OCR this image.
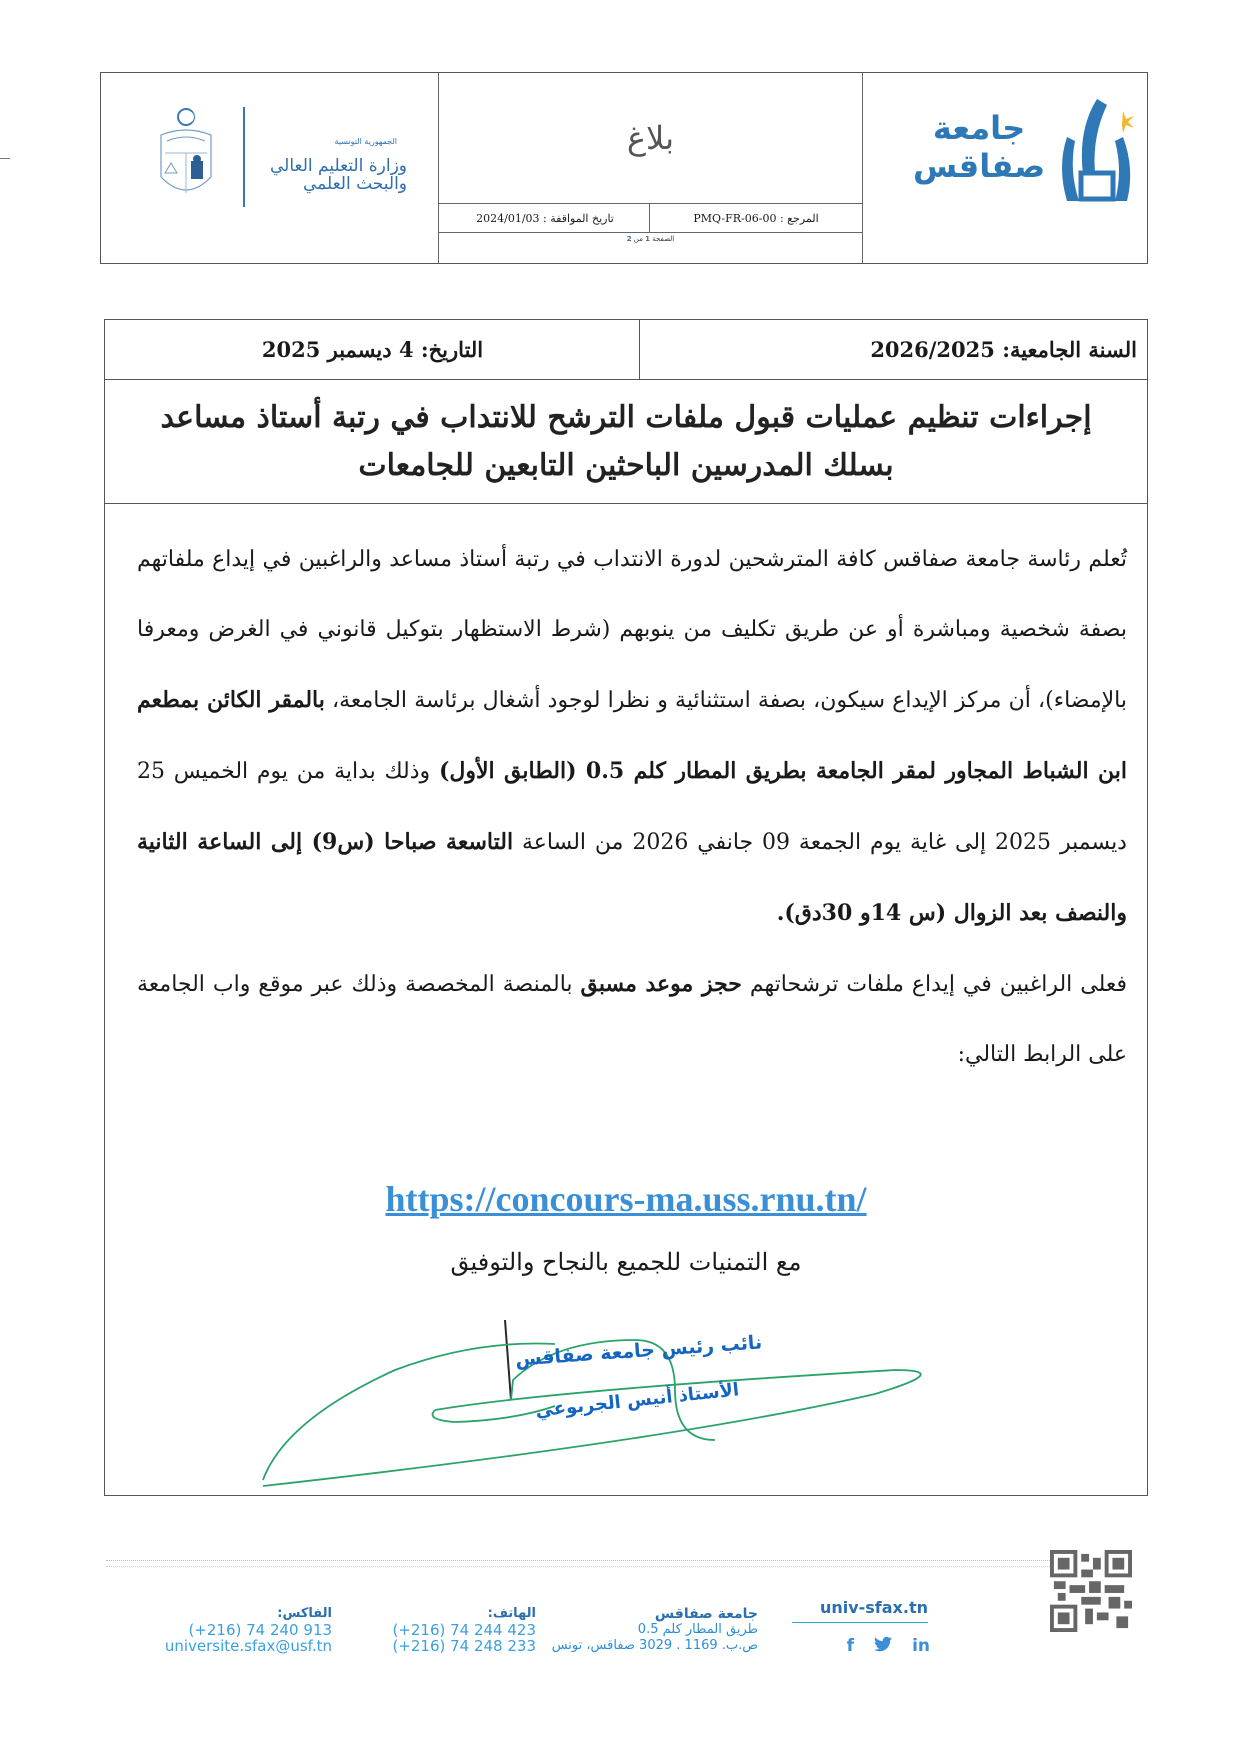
الجمهورية التونسية
وزارة التعليم العالي
والبحث العلمي
بلاغ
المرجع : PMQ-FR-06-00
تاريخ المواقفة : 2024/01/03
الصفحة 1 من 2
جامعة
صفاقس
السنة الجامعية: 2026/2025
التاريخ: 4 ديسمبر 2025
إجراءات تنظيم عمليات قبول ملفات الترشح للانتداب في رتبة أستاذ مساعد بسلك المدرسين الباحثين التابعين للجامعات

تُعلم رئاسة جامعة صفاقس كافة المترشحين لدورة الانتداب في رتبة أستاذ مساعد والراغبين في إيداع ملفاتهم بصفة شخصية ومباشرة أو عن طريق تكليف من ينوبهم (شرط الاستظهار بتوكيل قانوني في الغرض ومعرفا بالإمضاء)، أن مركز الإيداع سيكون، بصفة استثنائية و نظرا لوجود أشغال برئاسة الجامعة، بالمقر الكائن بمطعم ابن الشباط المجاور لمقر الجامعة بطريق المطار كلم 0.5 (الطابق الأول) وذلك بداية من يوم الخميس 25 ديسمبر 2025 إلى غاية يوم الجمعة 09 جانفي 2026 من الساعة التاسعة صباحا (س9) إلى الساعة الثانية والنصف بعد الزوال (س 14و 30دق).

فعلى الراغبين في إيداع ملفات ترشحاتهم حجز موعد مسبق بالمنصة المخصصة وذلك عبر موقع واب الجامعة على الرابط التالي:

https://concours-ma.uss.rnu.tn/
مع التمنيات للجميع بالنجاح والتوفيق
نائب رئيس جامعة صفاقس
الأستاذ أنيس الجربوعي
الفاكس:
(+216) 74 240 913
universite.sfax@usf.tn
الهاتف:
(+216) 74 244 423
(+216) 74 248 233
جامعة صفاقس
طريق المطار كلم 0.5
ص.ب. 1169 . 3029 صفاقس، تونس
univ-sfax.tn
f	in
